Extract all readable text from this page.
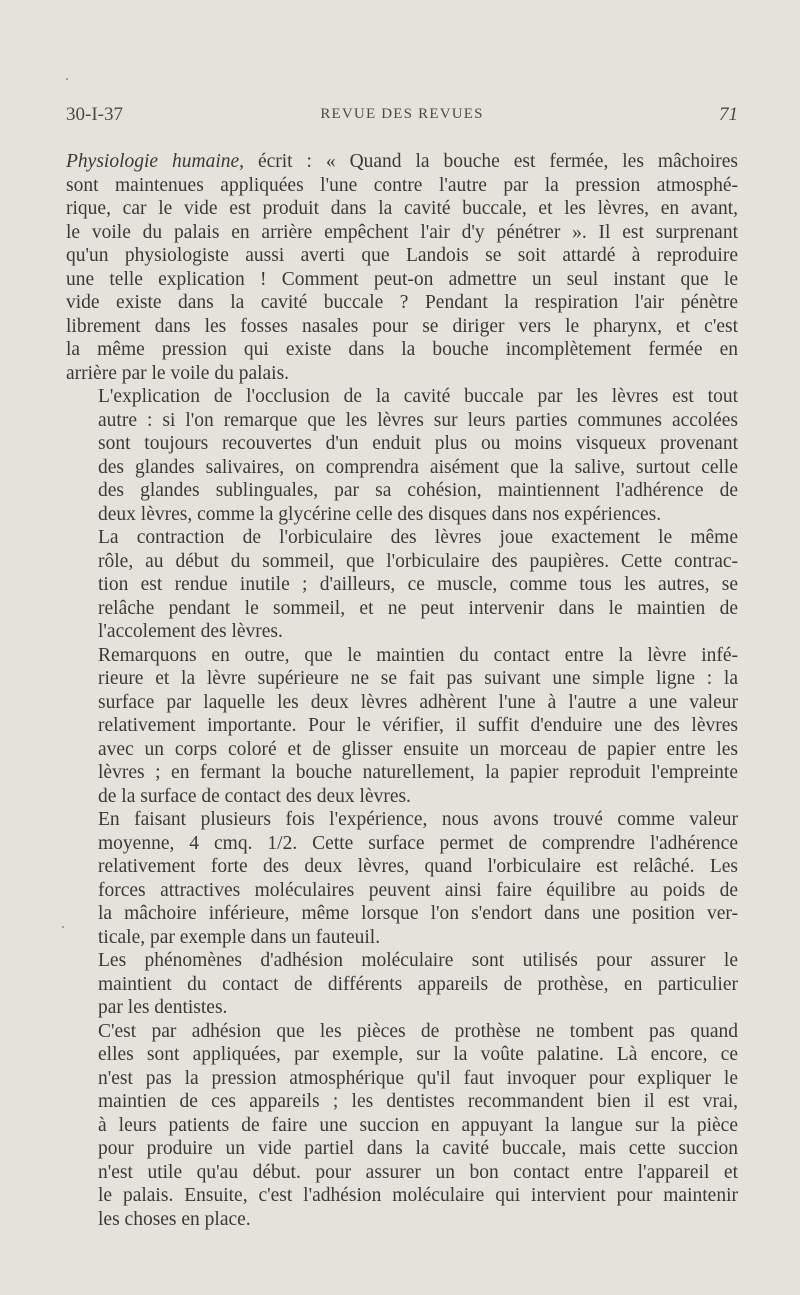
30-I-37	REVUE DES REVUES	71

Physiologie humaine, écrit : « Quand la bouche est fermée, les mâchoires
sont maintenues appliquées l'une contre l'autre par la pression atmosphé-
rique, car le vide est produit dans la cavité buccale, et les lèvres, en avant,
le voile du palais en arrière empêchent l'air d'y pénétrer ». Il est surprenant
qu'un physiologiste aussi averti que Landois se soit attardé à reproduire
une telle explication ! Comment peut-on admettre un seul instant que le
vide existe dans la cavité buccale ? Pendant la respiration l'air pénètre
librement dans les fosses nasales pour se diriger vers le pharynx, et c'est
la même pression qui existe dans la bouche incomplètement fermée en
arrière par le voile du palais.

L'explication de l'occlusion de la cavité buccale par les lèvres est tout
autre : si l'on remarque que les lèvres sur leurs parties communes accolées
sont toujours recouvertes d'un enduit plus ou moins visqueux provenant
des glandes salivaires, on comprendra aisément que la salive, surtout celle
des glandes sublinguales, par sa cohésion, maintiennent l'adhérence de
deux lèvres, comme la glycérine celle des disques dans nos expériences.

La contraction de l'orbiculaire des lèvres joue exactement le même
rôle, au début du sommeil, que l'orbiculaire des paupières. Cette contrac-
tion est rendue inutile ; d'ailleurs, ce muscle, comme tous les autres, se
relâche pendant le sommeil, et ne peut intervenir dans le maintien de
l'accolement des lèvres.

Remarquons en outre, que le maintien du contact entre la lèvre infé-
rieure et la lèvre supérieure ne se fait pas suivant une simple ligne : la
surface par laquelle les deux lèvres adhèrent l'une à l'autre a une valeur
relativement importante. Pour le vérifier, il suffit d'enduire une des lèvres
avec un corps coloré et de glisser ensuite un morceau de papier entre les
lèvres ; en fermant la bouche naturellement, la papier reproduit l'empreinte
de la surface de contact des deux lèvres.

En faisant plusieurs fois l'expérience, nous avons trouvé comme valeur
moyenne, 4 cmq. 1/2. Cette surface permet de comprendre l'adhérence
relativement forte des deux lèvres, quand l'orbiculaire est relâché. Les
forces attractives moléculaires peuvent ainsi faire équilibre au poids de
la mâchoire inférieure, même lorsque l'on s'endort dans une position ver-
ticale, par exemple dans un fauteuil.

Les phénomènes d'adhésion moléculaire sont utilisés pour assurer le
maintient du contact de différents appareils de prothèse, en particulier
par les dentistes.

C'est par adhésion que les pièces de prothèse ne tombent pas quand
elles sont appliquées, par exemple, sur la voûte palatine. Là encore, ce
n'est pas la pression atmosphérique qu'il faut invoquer pour expliquer le
maintien de ces appareils ; les dentistes recommandent bien il est vrai,
à leurs patients de faire une succion en appuyant la langue sur la pièce
pour produire un vide partiel dans la cavité buccale, mais cette succion
n'est utile qu'au début. pour assurer un bon contact entre l'appareil et
le palais. Ensuite, c'est l'adhésion moléculaire qui intervient pour maintenir
les choses en place.
